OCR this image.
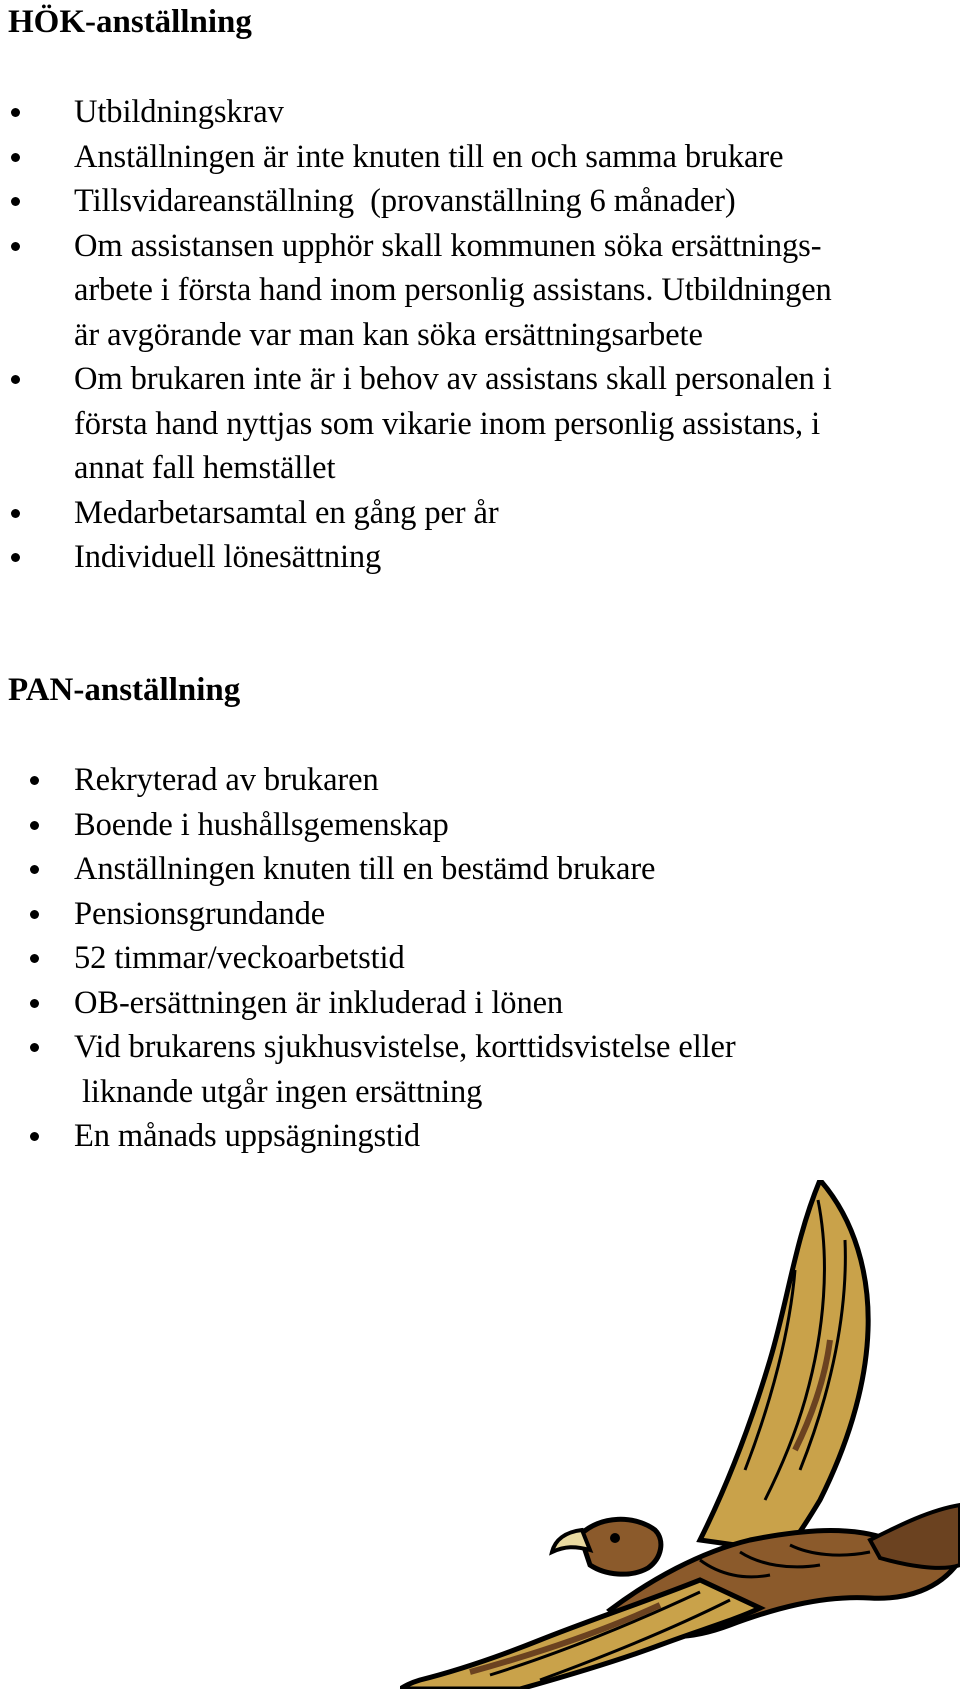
HÖK-anställning
Utbildningskrav
Anställningen är inte knuten till en och samma brukare
Tillsvidareanställning  (provanställning 6 månader)
Om assistansen upphör skall kommunen söka ersättnings-
arbete i första hand inom personlig assistans. Utbildningen
är avgörande var man kan söka ersättningsarbete
Om brukaren inte är i behov av assistans skall personalen i
första hand nyttjas som vikarie inom personlig assistans, i
annat fall hemstället
Medarbetarsamtal en gång per år
Individuell lönesättning
PAN-anställning
Rekryterad av brukaren
Boende i hushållsgemenskap
Anställningen knuten till en bestämd brukare
Pensionsgrundande
52 timmar/veckoarbetstid
OB-ersättningen är inkluderad i lönen
Vid brukarens sjukhusvistelse, korttidsvistelse eller
liknande utgår ingen ersättning
En månads uppsägningstid
